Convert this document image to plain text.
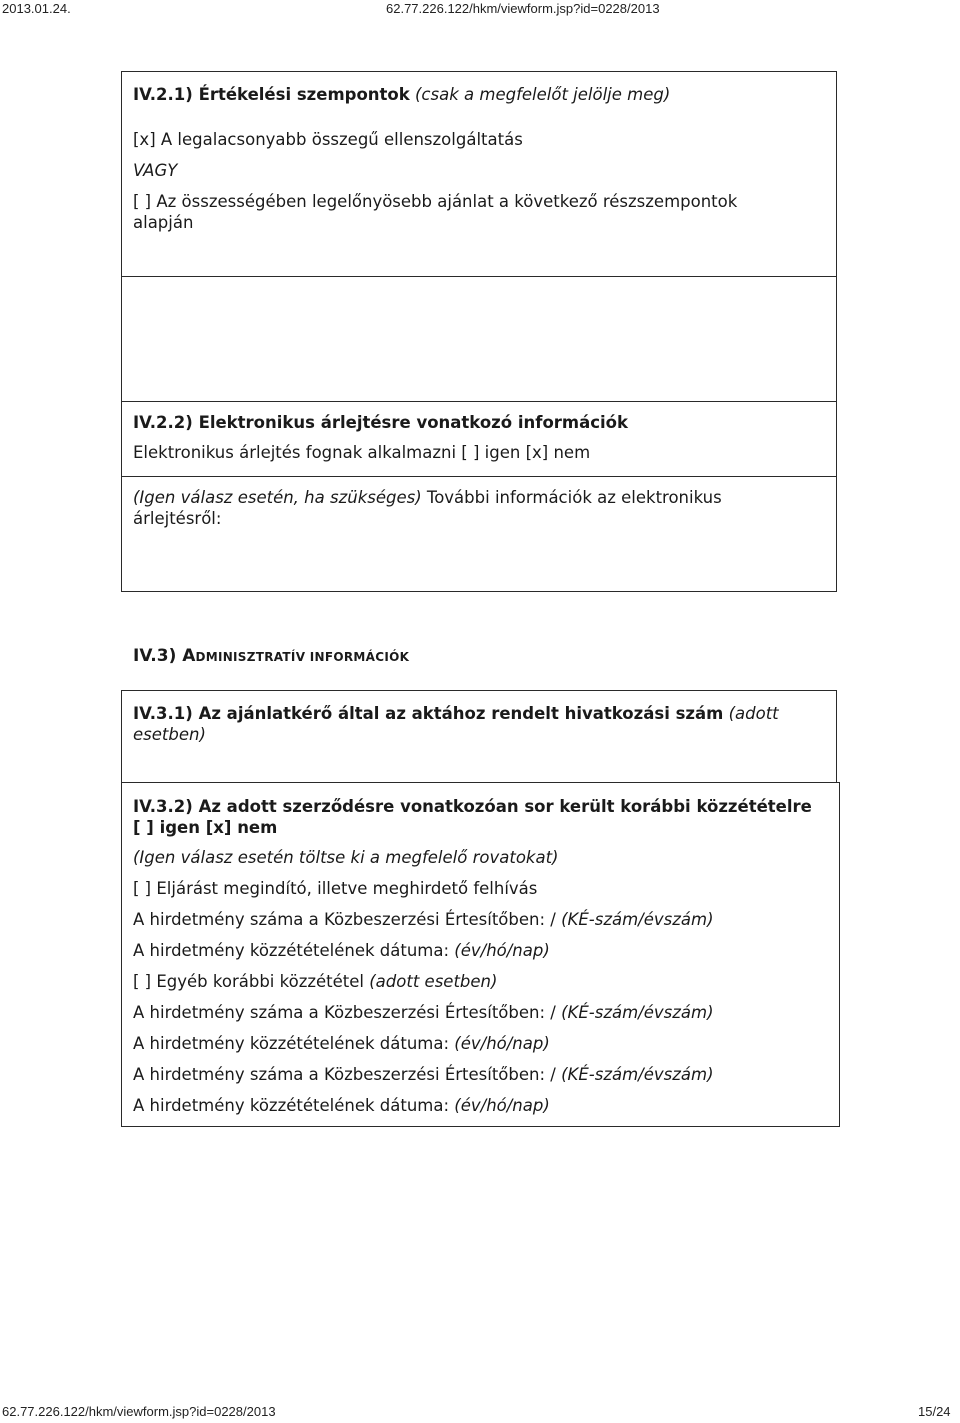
2013.01.24.	62.77.226.122/hkm/viewform.jsp?id=0228/2013
IV.2.1) Értékelési szempontok (csak a megfelelőt jelölje meg)
[x] A legalacsonyabb összegű ellenszolgáltatás
VAGY
[ ] Az összességében legelőnyösebb ajánlat a következő részszempontok
alapján
IV.2.2) Elektronikus árlejtésre vonatkozó információk
Elektronikus árlejtés fognak alkalmazni [ ] igen [x] nem
(Igen válasz esetén, ha szükséges) További információk az elektronikus
árlejtésről:
IV.3) ADMINISZTRATÍV INFORMÁCIÓK
IV.3.1) Az ajánlatkérő által az aktához rendelt hivatkozási szám (adott
esetben)
IV.3.2) Az adott szerződésre vonatkozóan sor került korábbi közzétételre
[ ] igen [x] nem
(Igen válasz esetén töltse ki a megfelelő rovatokat)
[ ] Eljárást megindító, illetve meghirdető felhívás
A hirdetmény száma a Közbeszerzési Értesítőben: / (KÉ-szám/évszám)
A hirdetmény közzétételének dátuma: (év/hó/nap)
[ ] Egyéb korábbi közzététel (adott esetben)
A hirdetmény száma a Közbeszerzési Értesítőben: / (KÉ-szám/évszám)
A hirdetmény közzétételének dátuma: (év/hó/nap)
A hirdetmény száma a Közbeszerzési Értesítőben: / (KÉ-szám/évszám)
A hirdetmény közzétételének dátuma: (év/hó/nap)
62.77.226.122/hkm/viewform.jsp?id=0228/2013	15/24
